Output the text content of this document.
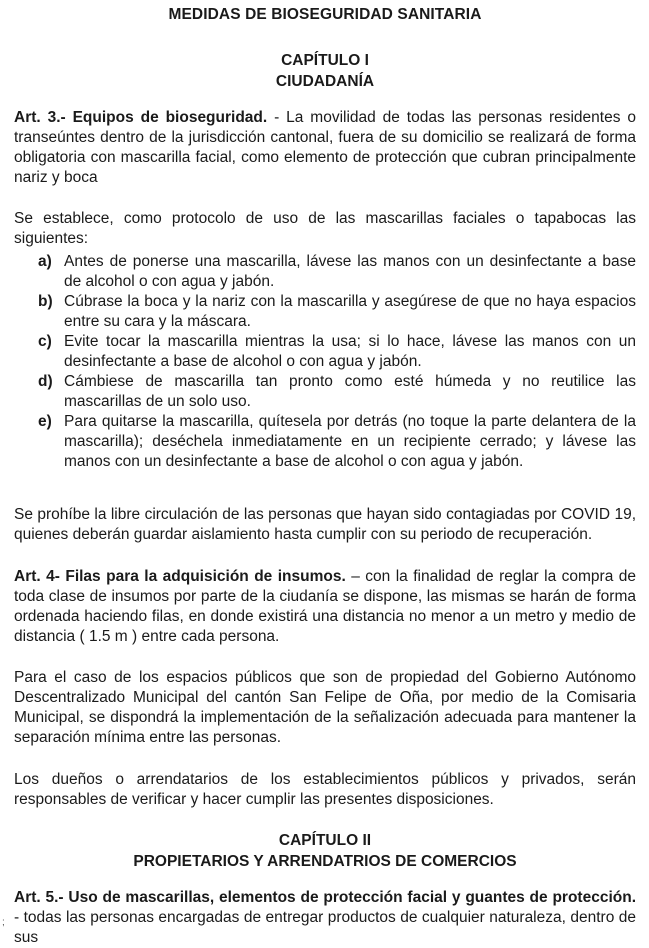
MEDIDAS DE BIOSEGURIDAD SANITARIA

CAPÍTULO I
CIUDADANÍA

Art. 3.- Equipos de bioseguridad. - La movilidad de todas las personas residentes o transeúntes dentro de la jurisdicción cantonal, fuera de su domicilio se realizará de forma obligatoria con mascarilla facial, como elemento de protección que cubran principalmente nariz y boca

Se establece, como protocolo de uso de las mascarillas faciales o tapabocas las siguientes:

a) Antes de ponerse una mascarilla, lávese las manos con un desinfectante a base de alcohol o con agua y jabón.
b) Cúbrase la boca y la nariz con la mascarilla y asegúrese de que no haya espacios entre su cara y la máscara.
c) Evite tocar la mascarilla mientras la usa; si lo hace, lávese las manos con un desinfectante a base de alcohol o con agua y jabón.
d) Cámbiese de mascarilla tan pronto como esté húmeda y no reutilice las mascarillas de un solo uso.
e) Para quitarse la mascarilla, quítesela por detrás (no toque la parte delantera de la mascarilla); deséchela inmediatamente en un recipiente cerrado; y lávese las manos con un desinfectante a base de alcohol o con agua y jabón.

Se prohíbe la libre circulación de las personas que hayan sido contagiadas por COVID 19, quienes deberán guardar aislamiento hasta cumplir con su periodo de recuperación.

Art. 4- Filas para la adquisición de insumos. – con la finalidad de reglar la compra de toda clase de insumos por parte de la ciudanía se dispone, las mismas se harán de forma ordenada haciendo filas, en donde existirá una distancia no menor a un metro y medio de distancia ( 1.5 m ) entre cada persona.

Para el caso de los espacios públicos que son de propiedad del Gobierno Autónomo Descentralizado Municipal del cantón San Felipe de Oña, por medio de la Comisaria Municipal, se dispondrá la implementación de la señalización adecuada para mantener la separación mínima entre las personas.

Los dueños o arrendatarios de los establecimientos públicos y privados, serán responsables de verificar y hacer cumplir las presentes disposiciones.

CAPÍTULO II
PROPIETARIOS Y ARRENDATRIOS DE COMERCIOS

Art. 5.- Uso de mascarillas, elementos de protección facial y guantes de protección. - todas las personas encargadas de entregar productos de cualquier naturaleza, dentro de sus

;
